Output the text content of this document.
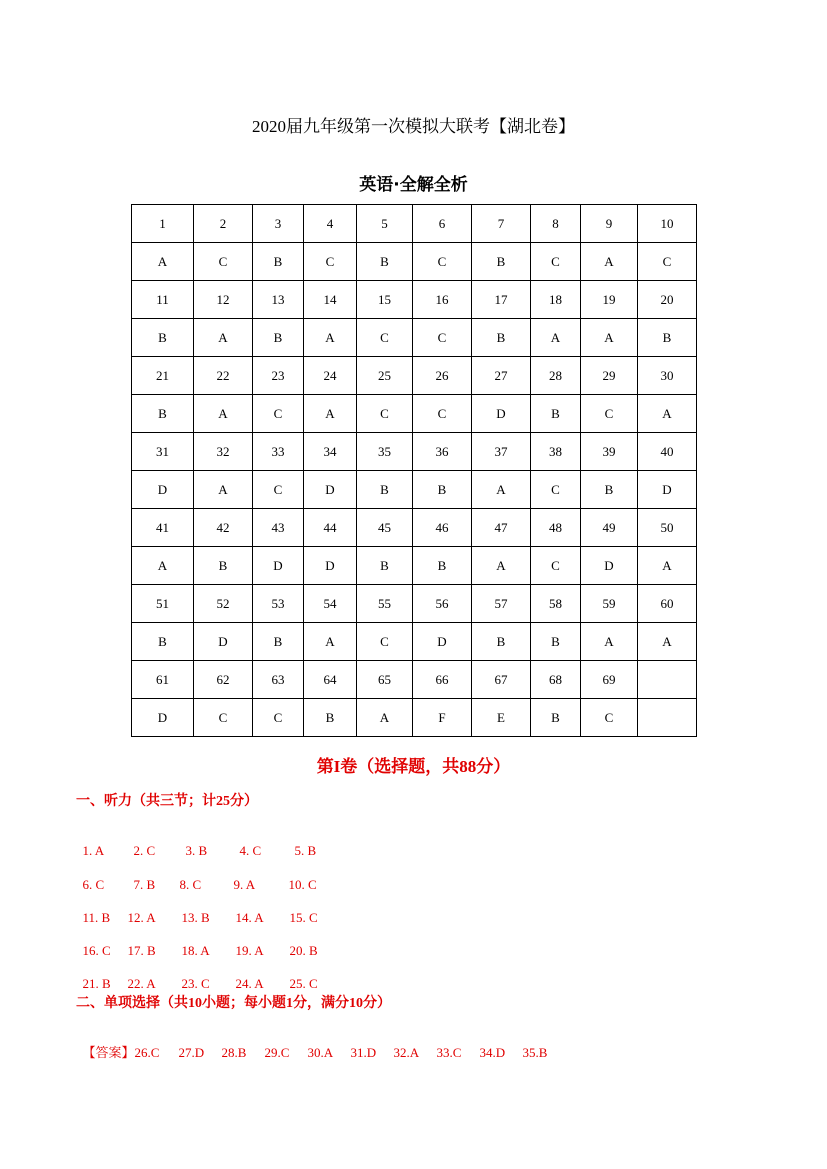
2020届九年级第一次模拟大联考【湖北卷】
英语·全解全析
1	2	3	4	5	6	7	8	9	10
A	C	B	C	B	C	B	C	A	C
11	12	13	14	15	16	17	18	19	20
B	A	B	A	C	C	B	A	A	B
21	22	23	24	25	26	27	28	29	30
B	A	C	A	C	C	D	B	C	A
31	32	33	34	35	36	37	38	39	40
D	A	C	D	B	B	A	C	B	D
41	42	43	44	45	46	47	48	49	50
A	B	D	D	B	B	A	C	D	A
51	52	53	54	55	56	57	58	59	60
B	D	B	A	C	D	B	B	A	A
61	62	63	64	65	66	67	68	69	
D	C	C	B	A	F	E	B	C	
第I卷（选择题，共88分）
一、听力（共三节；计25分）

1. A 2. C 3. B 4. C	5. B

6. C 7. B 8. C 9. A	10. C

11. B 12. A 13. B 14. A 15. C

16. C 17. B 18. A 19. A 20. B

21. B 22. A 23. C 24. A 25. C

二、单项选择（共10小题；每小题1分，满分10分）

【答案】26.C 27.D 28.B 29.C 30.A 31.D 32.A 33.C 34.D 35.B
